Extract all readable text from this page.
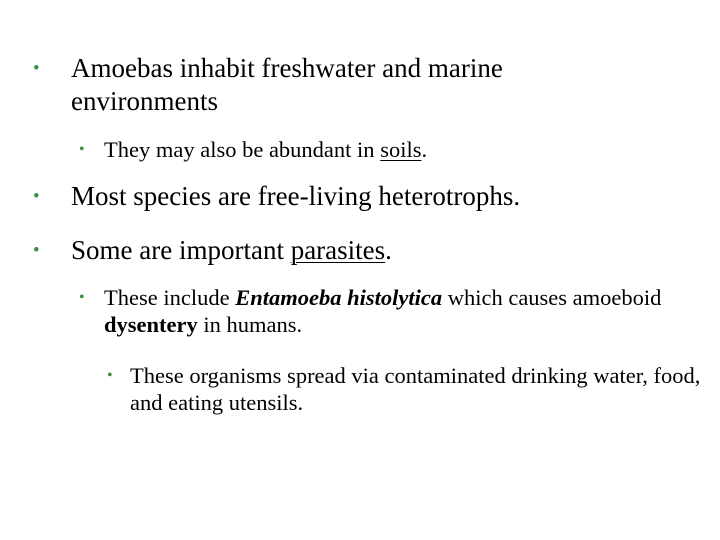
• Amoebas inhabit freshwater and marine environments
• They may also be abundant in soils.
• Most species are free-living heterotrophs.
• Some are important parasites.
• These include Entamoeba histolytica which causes amoeboid dysentery in humans.
• These organisms spread via contaminated drinking water, food, and eating utensils.
